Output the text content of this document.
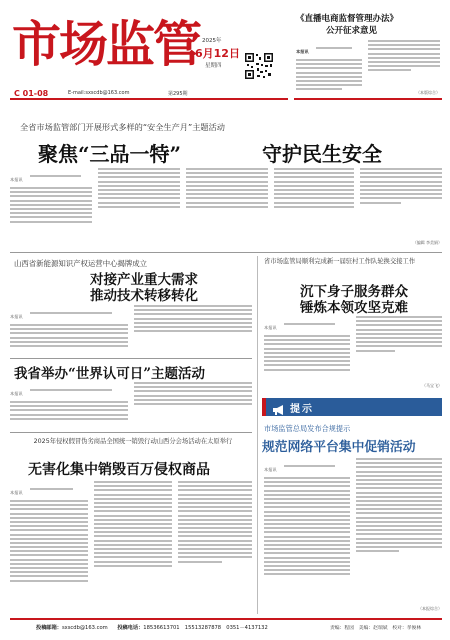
市场监管
C 01-08	E-mail:sxscdb@163.com	第295期
2025年
6月12日
星期四
《直播电商监督管理办法》
公开征求意见
本报讯
（本版综合）
全省市场监管部门开展形式多样的“安全生产月”主题活动
聚焦“三品一特”	守护民生安全
本报讯
（编辑 李美娟）
山西省新能源知识产权运营中心揭牌成立
对接产业重大需求
推动技术转移转化
本报讯
我省举办“世界认可日”主题活动
本报讯
2025年侵权假冒伪劣商品全国统一销毁行动山西分会场活动在太原举行
无害化集中销毁百万侵权商品
本报讯
省市场监管局顺利完成新一届驻村工作队轮换交接工作
沉下身子服务群众
锤炼本领攻坚克难
本报讯
（马宝飞）
提示
市场监管总局发布合规提示
规范网络平台集中促销活动
本报讯
（本报综合）
投稿邮箱：sxscdb@163.com 投稿电话：18536613701　15513287878　0351－4137132	责编：程园　美编：赵瑞斌　校对：孝俊林
